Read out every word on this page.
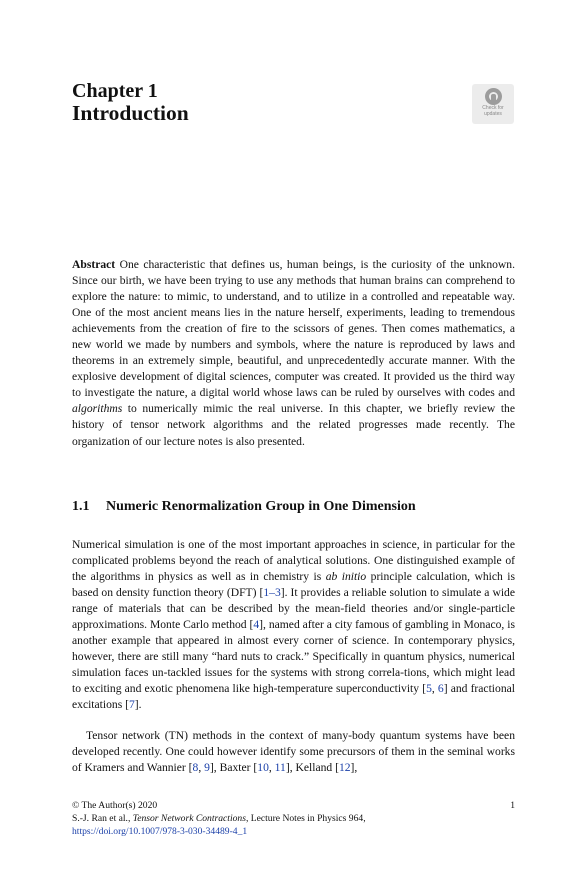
Chapter 1
Introduction	Check for
updates
Abstract One characteristic that defines us, human beings, is the curiosity of the unknown. Since our birth, we have been trying to use any methods that human brains can comprehend to explore the nature: to mimic, to understand, and to utilize in a controlled and repeatable way. One of the most ancient means lies in the nature herself, experiments, leading to tremendous achievements from the creation of fire to the scissors of genes. Then comes mathematics, a new world we made by numbers and symbols, where the nature is reproduced by laws and theorems in an extremely simple, beautiful, and unprecedentedly accurate manner. With the explosive development of digital sciences, computer was created. It provided us the third way to investigate the nature, a digital world whose laws can be ruled by ourselves with codes and algorithms to numerically mimic the real universe. In this chapter, we briefly review the history of tensor network algorithms and the related progresses made recently. The organization of our lecture notes is also presented.
1.1 Numeric Renormalization Group in One Dimension
Numerical simulation is one of the most important approaches in science, in particular for the complicated problems beyond the reach of analytical solutions. One distinguished example of the algorithms in physics as well as in chemistry is ab initio principle calculation, which is based on density function theory (DFT) [1–3]. It provides a reliable solution to simulate a wide range of materials that can be described by the mean-field theories and/or single-particle approximations. Monte Carlo method [4], named after a city famous of gambling in Monaco, is another example that appeared in almost every corner of science. In contemporary physics, however, there are still many “hard nuts to crack.” Specifically in quantum physics, numerical simulation faces un-tackled issues for the systems with strong correla-tions, which might lead to exciting and exotic phenomena like high-temperature superconductivity [5, 6] and fractional excitations [7].
Tensor network (TN) methods in the context of many-body quantum systems have been developed recently. One could however identify some precursors of them in the seminal works of Kramers and Wannier [8, 9], Baxter [10, 11], Kelland [12],
© The Author(s) 2020	1
S.-J. Ran et al., Tensor Network Contractions, Lecture Notes in Physics 964,
https://doi.org/10.1007/978-3-030-34489-4_1
